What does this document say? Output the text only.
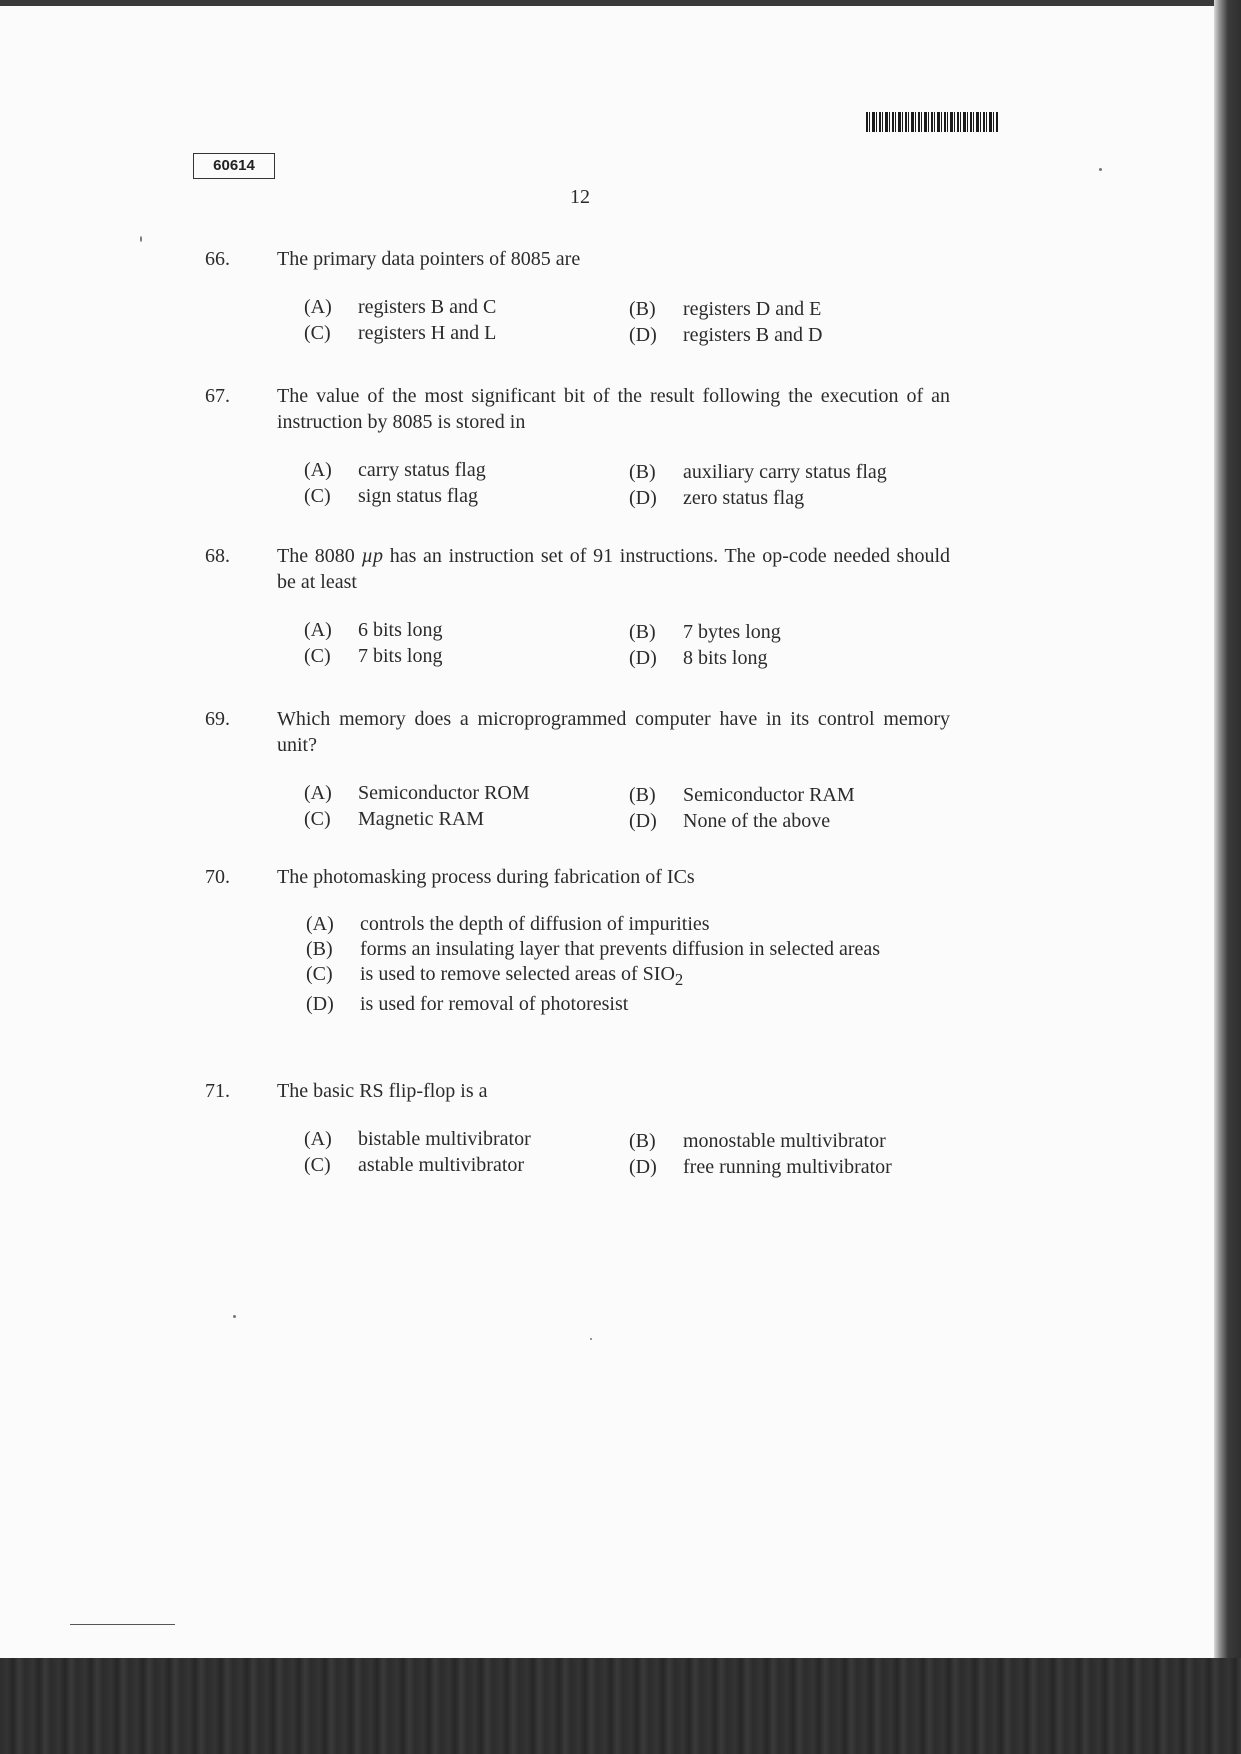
60614
12
66.	The primary data pointers of 8085 are
(A) registers B and C	(B) registers D and E
(C) registers H and L	(D) registers B and D
67.	The value of the most significant bit of the result following the execution of an instruction by 8085 is stored in
(A) carry status flag	(B) auxiliary carry status flag
(C) sign status flag	(D) zero status flag
68.	The 8080 µp has an instruction set of 91 instructions. The op-code needed should be at least
(A) 6 bits long	(B) 7 bytes long
(C) 7 bits long	(D) 8 bits long
69.	Which memory does a microprogrammed computer have in its control memory unit?
(A) Semiconductor ROM	(B) Semiconductor RAM
(C) Magnetic RAM	(D) None of the above
70.	The photomasking process during fabrication of ICs
(A)	controls the depth of diffusion of impurities
(B)	forms an insulating layer that prevents diffusion in selected areas
(C)	is used to remove selected areas of $SIO_2$
(D)	is used for removal of photoresist
71.	The basic RS flip-flop is a
(A) bistable multivibrator	(B) monostable multivibrator
(C) astable multivibrator	(D) free running multivibrator
